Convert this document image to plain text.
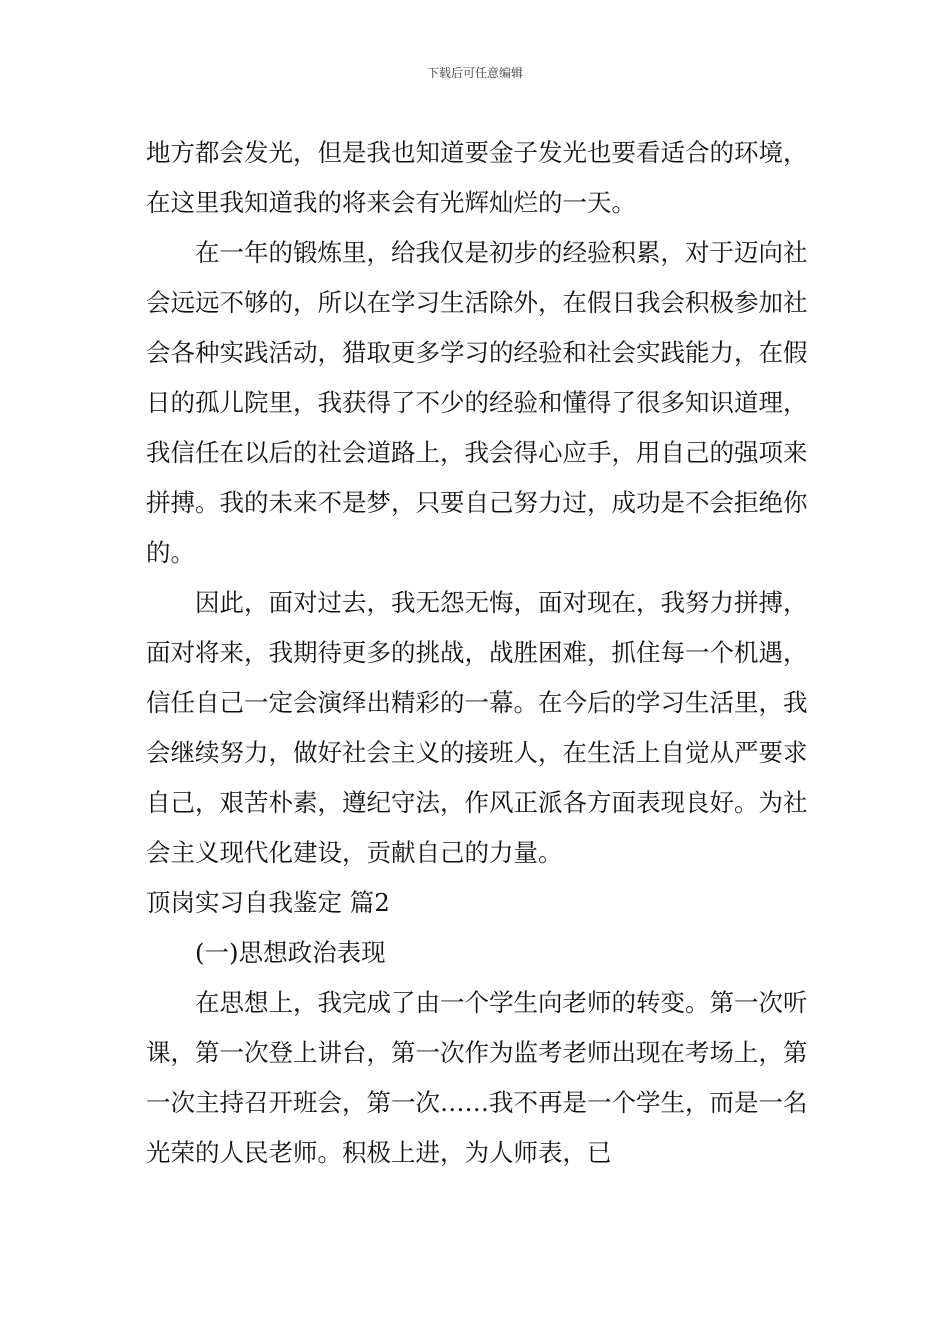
下载后可任意编辑

地方都会发光，但是我也知道要金子发光也要看适合的环境，在这里我知道我的将来会有光辉灿烂的一天。

在一年的锻炼里，给我仅是初步的经验积累，对于迈向社会远远不够的，所以在学习生活除外，在假日我会积极参加社会各种实践活动，猎取更多学习的经验和社会实践能力，在假日的孤儿院里，我获得了不少的经验和懂得了很多知识道理，我信任在以后的社会道路上，我会得心应手，用自己的强项来拼搏。我的未来不是梦，只要自己努力过，成功是不会拒绝你的。

因此，面对过去，我无怨无悔，面对现在，我努力拼搏，面对将来，我期待更多的挑战，战胜困难，抓住每一个机遇，信任自己一定会演绎出精彩的一幕。在今后的学习生活里，我会继续努力，做好社会主义的接班人，在生活上自觉从严要求自己，艰苦朴素，遵纪守法，作风正派各方面表现良好。为社会主义现代化建设，贡献自己的力量。

顶岗实习自我鉴定 篇2

(一)思想政治表现

在思想上，我完成了由一个学生向老师的转变。第一次听课，第一次登上讲台，第一次作为监考老师出现在考场上，第一次主持召开班会，第一次……我不再是一个学生，而是一名光荣的人民老师。积极上进，为人师表，已
